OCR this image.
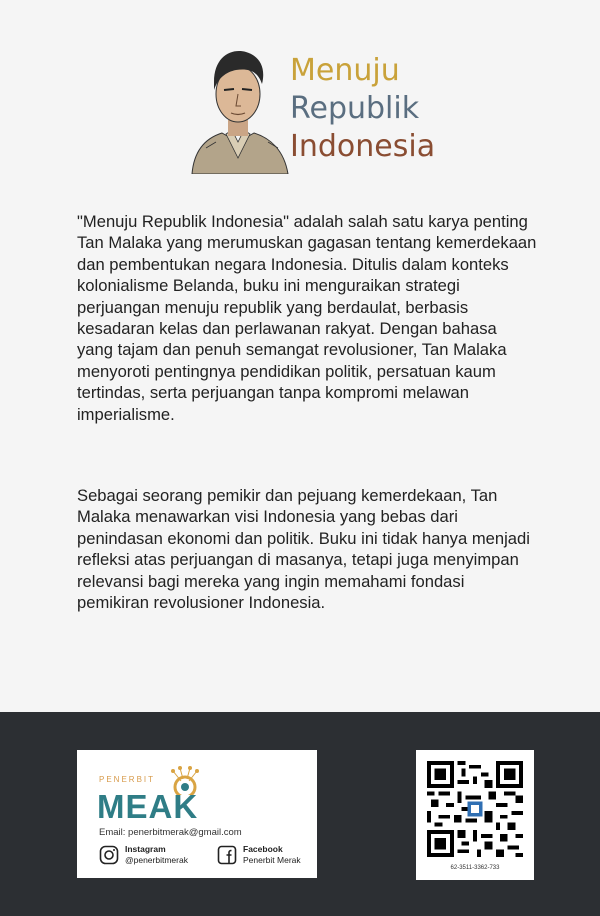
Menuju
Republik
Indonesia

"Menuju Republik Indonesia" adalah salah satu karya penting Tan Malaka yang merumuskan gagasan tentang kemerdekaan dan pembentukan negara Indonesia. Ditulis dalam konteks kolonialisme Belanda, buku ini menguraikan strategi perjuangan menuju republik yang berdaulat, berbasis kesadaran kelas dan perlawanan rakyat. Dengan bahasa yang tajam dan penuh semangat revolusioner, Tan Malaka menyoroti pentingnya pendidikan politik, persatuan kaum tertindas, serta perjuangan tanpa kompromi melawan imperialisme.

Sebagai seorang pemikir dan pejuang kemerdekaan, Tan Malaka menawarkan visi Indonesia yang bebas dari penindasan ekonomi dan politik. Buku ini tidak hanya menjadi refleksi atas perjuangan di masanya, tetapi juga menyimpan relevansi bagi mereka yang ingin memahami fondasi pemikiran revolusioner Indonesia.

PENERBIT
MEAK
Email: penerbitmerak@gmail.com
Instagram
@penerbitmerak
Facebook
Penerbit Merak
62-3511-3362-733
